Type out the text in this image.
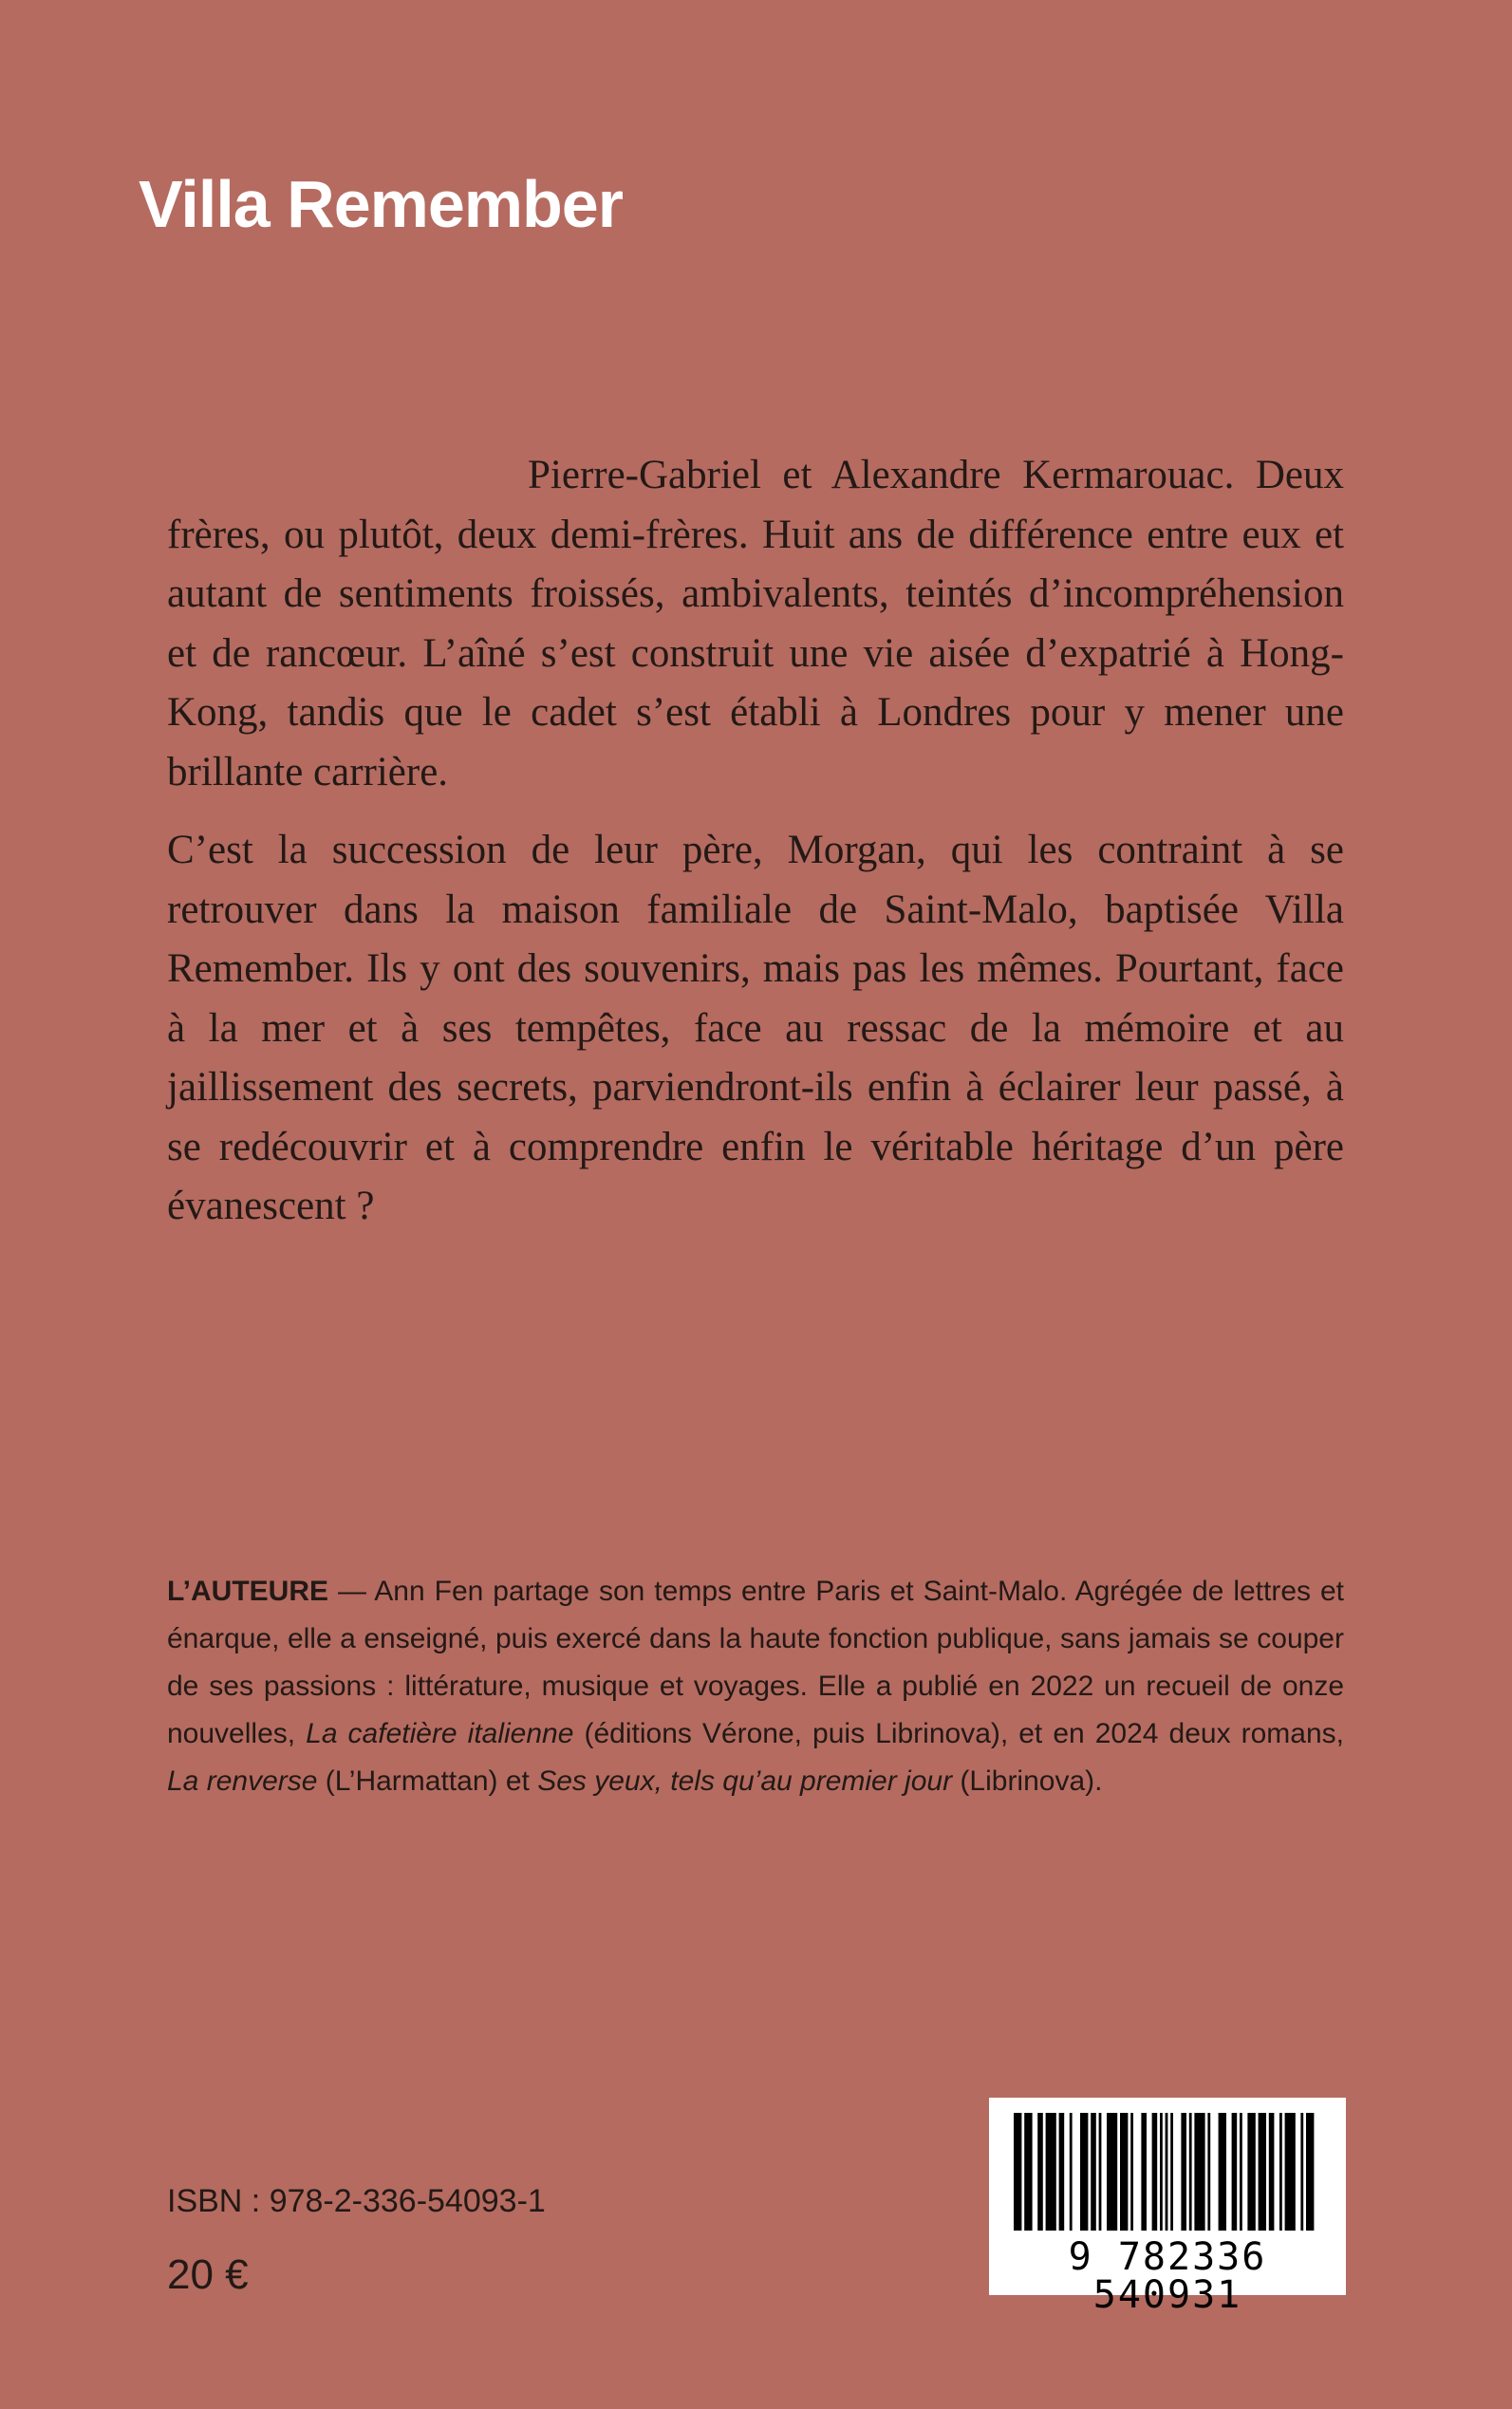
Villa Remember

Pierre-Gabriel et Alexandre Kermarouac. Deux frères, ou plutôt, deux demi-frères. Huit ans de différence entre eux et autant de sentiments froissés, ambivalents, teintés d’incompréhension et de rancœur. L’aîné s’est construit une vie aisée d’expatrié à Hong-Kong, tandis que le cadet s’est établi à Londres pour y mener une brillante carrière.

C’est la succession de leur père, Morgan, qui les contraint à se retrouver dans la maison familiale de Saint-Malo, baptisée Villa Remember. Ils y ont des souvenirs, mais pas les mêmes. Pourtant, face à la mer et à ses tempêtes, face au ressac de la mémoire et au jaillissement des secrets, parviendront-ils enfin à éclairer leur passé, à se redécouvrir et à comprendre enfin le véritable héritage d’un père évanescent ?

L’AUTEURE — Ann Fen partage son temps entre Paris et Saint-Malo. Agrégée de lettres et énarque, elle a enseigné, puis exercé dans la haute fonction publique, sans jamais se couper de ses passions : littérature, musique et voyages. Elle a publié en 2022 un recueil de onze nouvelles, La cafetière italienne (éditions Vérone, puis Librinova), et en 2024 deux romans, La renverse (L’Harmattan) et Ses yeux, tels qu’au premier jour (Librinova).

ISBN : 978-2-336-54093-1

20 €	9 782336 540931
